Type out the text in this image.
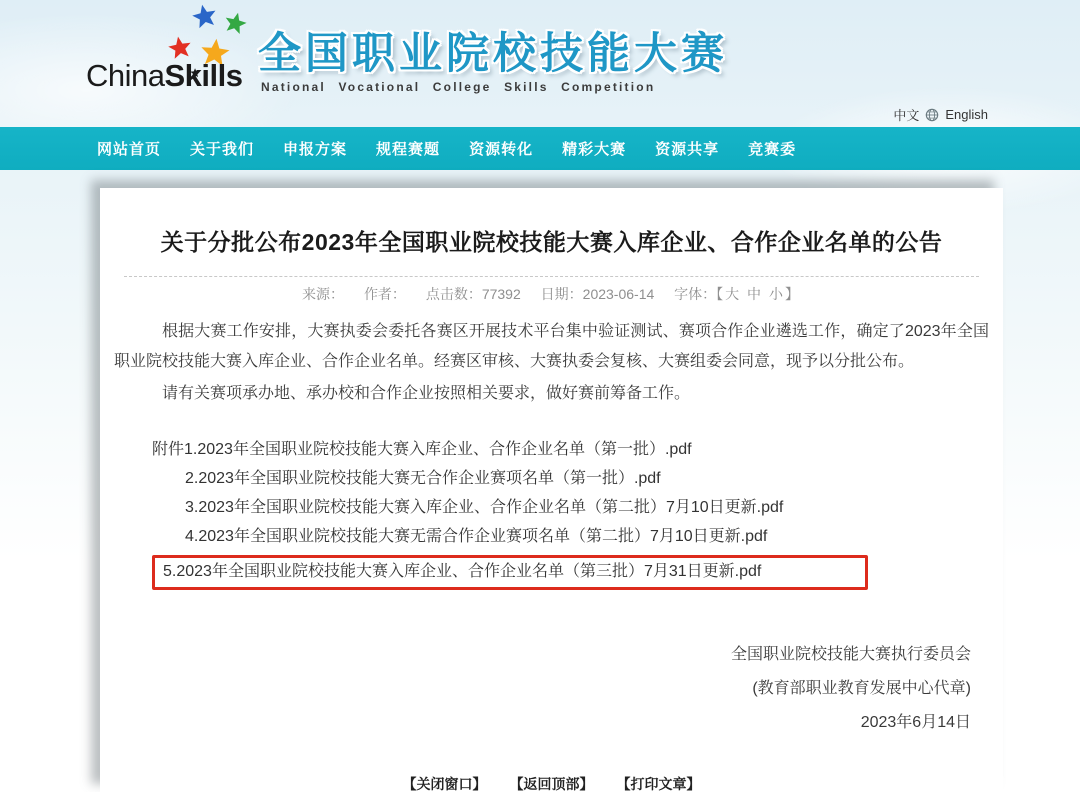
ChinaSkills 全国职业院校技能大赛
National Vocational College Skills Competition
中文 English
网站首页 关于我们 申报方案 规程赛题 资源转化 精彩大赛 资源共享 竞赛委
关于分批公布2023年全国职业院校技能大赛入库企业、合作企业名单的公告
来源： 作者： 点击数：77392 日期：2023-06-14 字体：【大 中 小】

根据大赛工作安排，大赛执委会委托各赛区开展技术平台集中验证测试、赛项合作企业遴选工作，确定了2023年全国职业院校技能大赛入库企业、合作企业名单。经赛区审核、大赛执委会复核、大赛组委会同意，现予以分批公布。

请有关赛项承办地、承办校和合作企业按照相关要求，做好赛前筹备工作。

附件1.2023年全国职业院校技能大赛入库企业、合作企业名单（第一批）.pdf
2.2023年全国职业院校技能大赛无合作企业赛项名单（第一批）.pdf
3.2023年全国职业院校技能大赛入库企业、合作企业名单（第二批）7月10日更新.pdf
4.2023年全国职业院校技能大赛无需合作企业赛项名单（第二批）7月10日更新.pdf
5.2023年全国职业院校技能大赛入库企业、合作企业名单（第三批）7月31日更新.pdf
全国职业院校技能大赛执行委员会
(教育部职业教育发展中心代章)
2023年6月14日
【关闭窗口】 【返回顶部】 【打印文章】
